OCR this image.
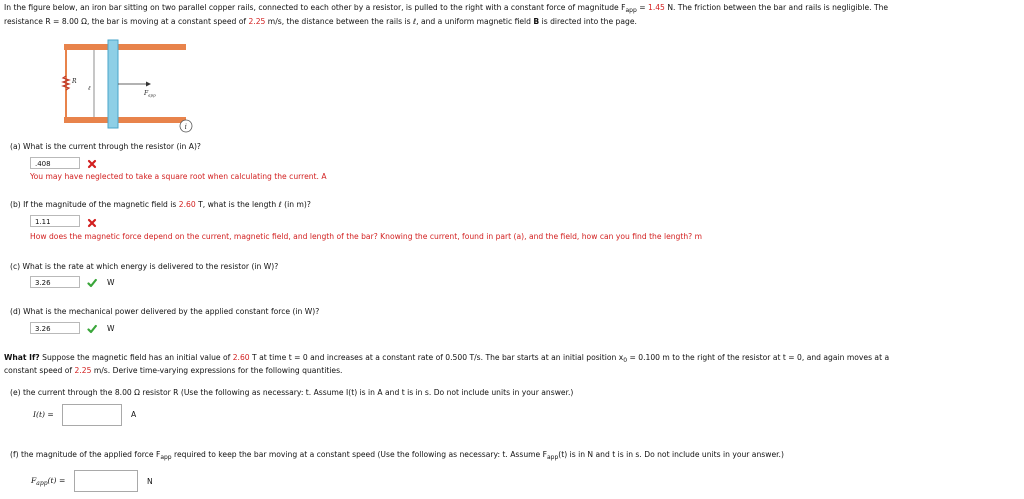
In the figure below, an iron bar sitting on two parallel copper rails, connected to each other by a resistor, is pulled to the right with a constant force of magnitude $F_{app} = 1.45$ N. The friction between the bar and rails is negligible. The
resistance R = 8.00 Ω, the bar is moving at a constant speed of 2.25 m/s, the distance between the rails is ℓ, and a uniform magnetic field B is directed into the page.
R
ℓ
$F_{app}$
i
(a) What is the current through the resistor (in A)?
.408
You may have neglected to take a square root when calculating the current. A
(b) If the magnitude of the magnetic field is 2.60 T, what is the length ℓ (in m)?
1.11
How does the magnetic force depend on the current, magnetic field, and length of the bar? Knowing the current, found in part (a), and the field, how can you find the length? m
(c) What is the rate at which energy is delivered to the resistor (in W)?
3.26	W
(d) What is the mechanical power delivered by the applied constant force (in W)?
3.26	W
What If? Suppose the magnetic field has an initial value of 2.60 T at time t = 0 and increases at a constant rate of 0.500 T/s. The bar starts at an initial position $x_0 = 0.100$ m to the right of the resistor at t = 0, and again moves at a
constant speed of 2.25 m/s. Derive time-varying expressions for the following quantities.
(e) the current through the 8.00 Ω resistor R (Use the following as necessary: t. Assume I(t) is in A and t is in s. Do not include units in your answer.)
I(t) =	A
(f) the magnitude of the applied force $F_{app}$ required to keep the bar moving at a constant speed (Use the following as necessary: t. Assume $F_{app}(t)$ is in N and t is in s. Do not include units in your answer.)
$F_{app}(t)$ =	N
